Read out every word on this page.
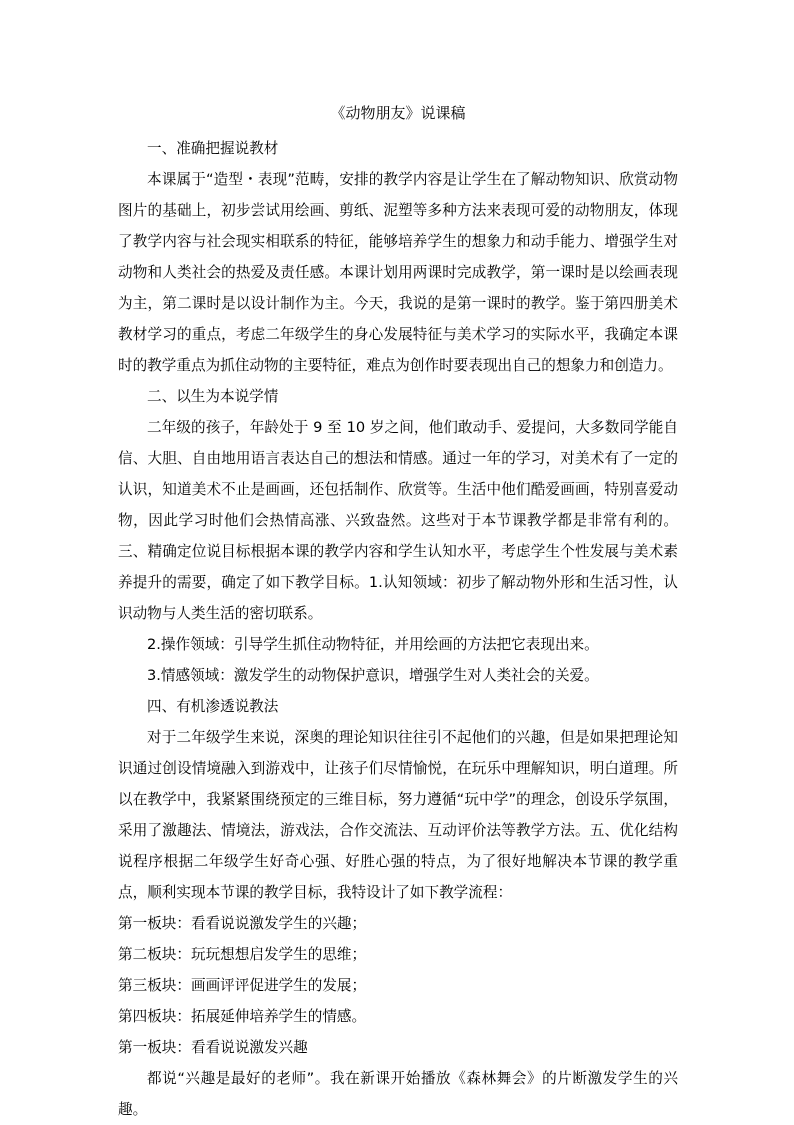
《动物朋友》说课稿

一、准确把握说教材

本课属于“造型・表现”范畴，安排的教学内容是让学生在了解动物知识、欣赏动物图片的基础上，初步尝试用绘画、剪纸、泥塑等多种方法来表现可爱的动物朋友，体现了教学内容与社会现实相联系的特征，能够培养学生的想象力和动手能力、增强学生对动物和人类社会的热爱及责任感。本课计划用两课时完成教学，第一课时是以绘画表现为主，第二课时是以设计制作为主。今天，我说的是第一课时的教学。鉴于第四册美术教材学习的重点，考虑二年级学生的身心发展特征与美术学习的实际水平，我确定本课时的教学重点为抓住动物的主要特征，难点为创作时要表现出自己的想象力和创造力。

二、以生为本说学情

二年级的孩子，年龄处于 9 至 10 岁之间，他们敢动手、爱提问，大多数同学能自信、大胆、自由地用语言表达自己的想法和情感。通过一年的学习，对美术有了一定的认识，知道美术不止是画画，还包括制作、欣赏等。生活中他们酷爱画画，特别喜爱动物，因此学习时他们会热情高涨、兴致盎然。这些对于本节课教学都是非常有利的。三、精确定位说目标根据本课的教学内容和学生认知水平，考虑学生个性发展与美术素养提升的需要，确定了如下教学目标。1.认知领域：初步了解动物外形和生活习性，认识动物与人类生活的密切联系。

2.操作领域：引导学生抓住动物特征，并用绘画的方法把它表现出来。

3.情感领域：激发学生的动物保护意识，增强学生对人类社会的关爱。

四、有机渗透说教法

对于二年级学生来说，深奥的理论知识往往引不起他们的兴趣，但是如果把理论知识通过创设情境融入到游戏中，让孩子们尽情愉悦，在玩乐中理解知识，明白道理。所以在教学中，我紧紧围绕预定的三维目标，努力遵循“玩中学”的理念，创设乐学氛围，采用了激趣法、情境法，游戏法，合作交流法、互动评价法等教学方法。五、优化结构说程序根据二年级学生好奇心强、好胜心强的特点，为了很好地解决本节课的教学重点，顺利实现本节课的教学目标，我特设计了如下教学流程：

第一板块：看看说说激发学生的兴趣；

第二板块：玩玩想想启发学生的思维；

第三板块：画画评评促进学生的发展；

第四板块：拓展延伸培养学生的情感。

第一板块：看看说说激发兴趣

都说“兴趣是最好的老师”。我在新课开始播放《森林舞会》的片断激发学生的兴趣。
